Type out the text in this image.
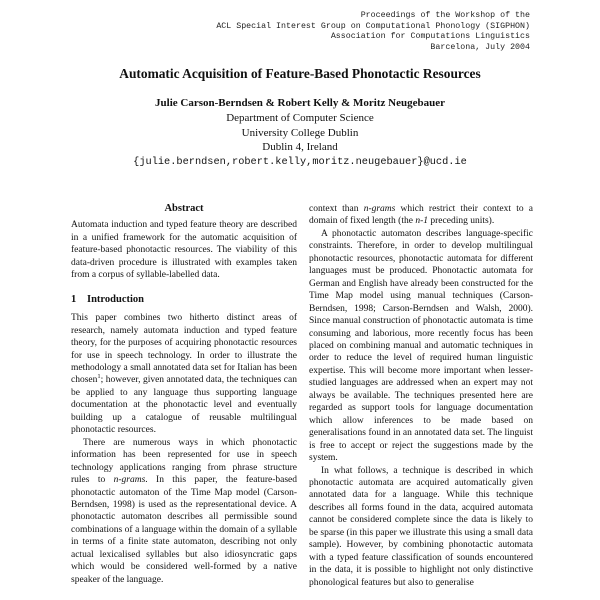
Proceedings of the Workshop of the
ACL Special Interest Group on Computational Phonology (SIGPHON)
Association for Computations Linguistics
Barcelona, July 2004
Automatic Acquisition of Feature-Based Phonotactic Resources
Julie Carson-Berndsen & Robert Kelly & Moritz Neugebauer
Department of Computer Science
University College Dublin
Dublin 4, Ireland
{julie.berndsen,robert.kelly,moritz.neugebauer}@ucd.ie
Abstract

Automata induction and typed feature theory are described in a unified framework for the automatic acquisition of feature-based phonotactic resources. The viability of this data-driven procedure is illustrated with examples taken from a corpus of syllable-labelled data.

1 Introduction

This paper combines two hitherto distinct areas of research, namely automata induction and typed feature theory, for the purposes of acquiring phonotactic resources for use in speech technology. In order to illustrate the methodology a small annotated data set for Italian has been chosen$^1$; however, given annotated data, the techniques can be applied to any language thus supporting language documentation at the phonotactic level and eventually building up a catalogue of reusable multilingual phonotactic resources.

There are numerous ways in which phonotactic information has been represented for use in speech technology applications ranging from phrase structure rules to n-grams. In this paper, the feature-based phonotactic automaton of the Time Map model (Carson-Berndsen, 1998) is used as the representational device. A phonotactic automaton describes all permissible sound combinations of a language within the domain of a syllable in terms of a finite state automaton, describing not only actual lexicalised syllables but also idiosyncratic gaps which would be considered well-formed by a native speaker of the language.

context than n-grams which restrict their context to a domain of fixed length (the n-1 preceding units).

A phonotactic automaton describes language-specific constraints. Therefore, in order to develop multilingual phonotactic resources, phonotactic automata for different languages must be produced. Phonotactic automata for German and English have already been constructed for the Time Map model using manual techniques (Carson-Berndsen, 1998; Carson-Berndsen and Walsh, 2000). Since manual construction of phonotactic automata is time consuming and laborious, more recently focus has been placed on combining manual and automatic techniques in order to reduce the level of required human linguistic expertise. This will become more important when lesser-studied languages are addressed when an expert may not always be available. The techniques presented here are regarded as support tools for language documentation which allow inferences to be made based on generalisations found in an annotated data set. The linguist is free to accept or reject the suggestions made by the system.

In what follows, a technique is described in which phonotactic automata are acquired automatically given annotated data for a language. While this technique describes all forms found in the data, acquired automata cannot be considered complete since the data is likely to be sparse (in this paper we illustrate this using a small data sample). However, by combining phonotactic automata with a typed feature classification of sounds encountered in the data, it is possible to highlight not only distinctive phonological features but also to generalise
